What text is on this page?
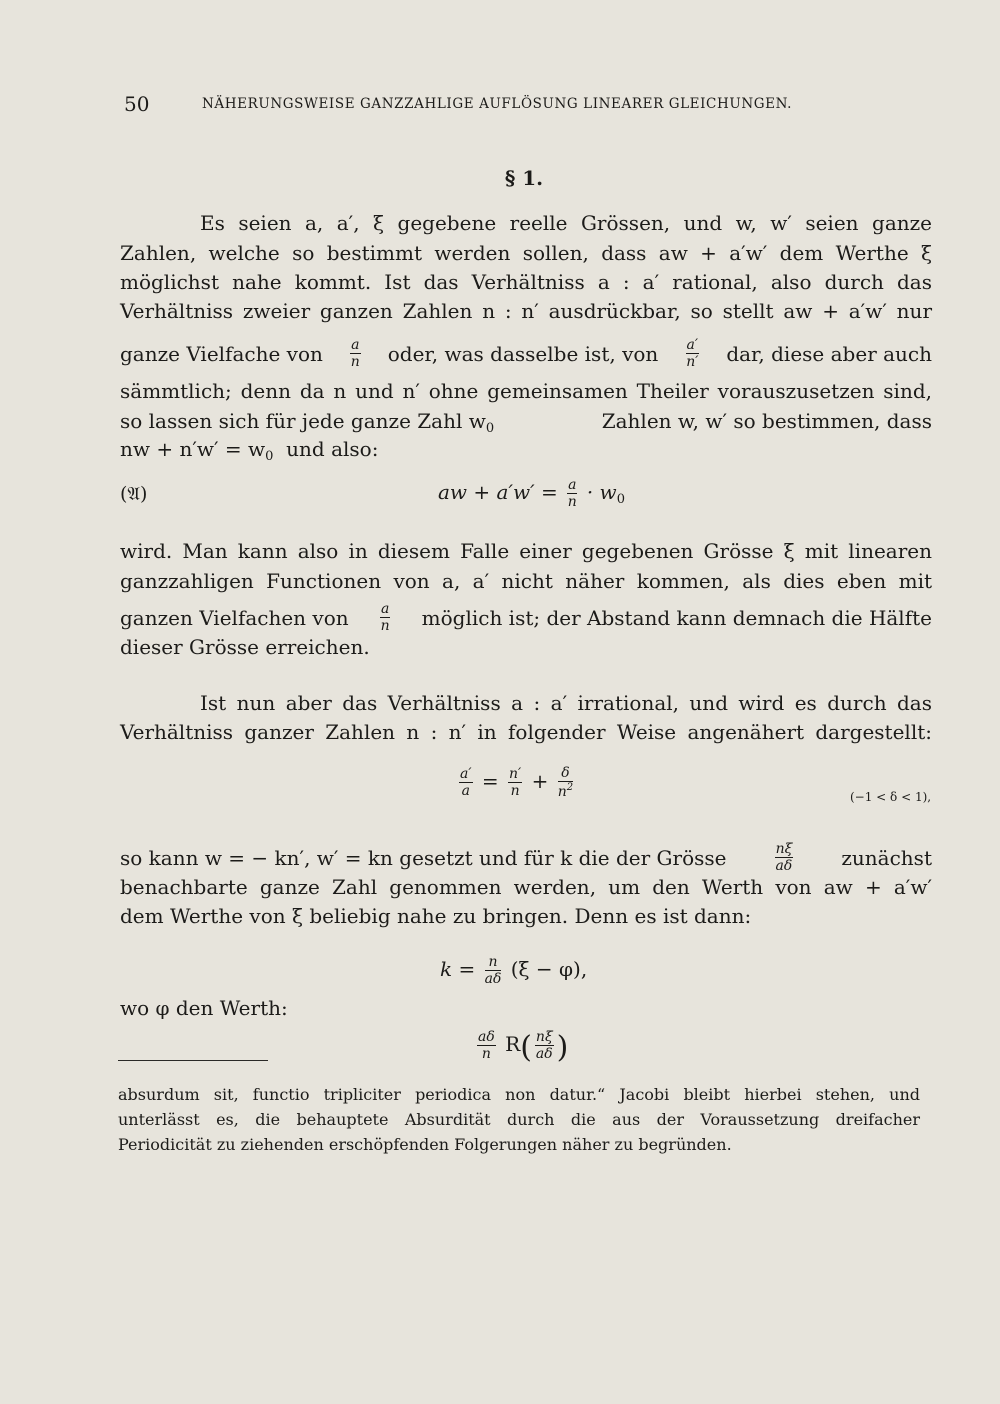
50	NÄHERUNGSWEISE GANZZAHLIGE AUFLÖSUNG LINEARER GLEICHUNGEN.
§ 1.
Es seien a, a′, ξ gegebene reelle Grössen, und w, w′ seien ganze
Zahlen, welche so bestimmt werden sollen, dass aw + a′w′ dem Werthe ξ
möglichst nahe kommt. Ist das Verhältniss a : a′ rational, also durch das
Verhältniss zweier ganzen Zahlen n : n′ ausdrückbar, so stellt aw + a′w′ nur
ganze Vielfache von $\frac{a}{n}$ oder, was dasselbe ist, von $\frac{a'}{n'}$ dar, diese aber auch
sämmtlich; denn da n und n′ ohne gemeinsamen Theiler vorauszusetzen sind,
so lassen sich für jede ganze Zahl $w_0$	Zahlen w, w′ so bestimmen, dass
nw + $n'w' = w_0$ und also:
(𝔄)	aw + $a'w' = \frac{a}{n} \cdot w_0$
wird. Man kann also in diesem Falle einer gegebenen Grösse ξ mit linearen
ganzzahligen Functionen von a, a′ nicht näher kommen, als dies eben mit
ganzen Vielfachen von $\frac{a}{n}$ möglich ist; der Abstand kann demnach die Hälfte
dieser Grösse erreichen.
Ist nun aber das Verhältniss a : a′ irrational, und wird es durch das
Verhältniss ganzer Zahlen n : n′ in folgender Weise angenähert dargestellt:
$\frac{a'}{a} = \frac{n'}{n} + \frac{\delta}{n^2}$	(−1 < δ < 1),
so kann w = − kn′, w′ = kn gesetzt und für k die der Grösse	$\frac{n\xi}{a\delta}$ zunächst
benachbarte ganze Zahl genommen werden, um den Werth von aw + a′w′
dem Werthe von ξ beliebig nahe zu bringen. Denn es ist dann:
$k = \frac{n}{a\delta} (\xi - \varphi)$,
wo φ den Werth:
$\frac{a\delta}{n} R( \frac{n\xi}{a\delta}$ )
absurdum sit, functio tripliciter periodica non datur.“ Jacobi bleibt hierbei stehen, und
unterlässt es, die behauptete Absurdität durch die aus der Voraussetzung dreifacher
Periodicität zu ziehenden erschöpfenden Folgerungen näher zu begründen.
